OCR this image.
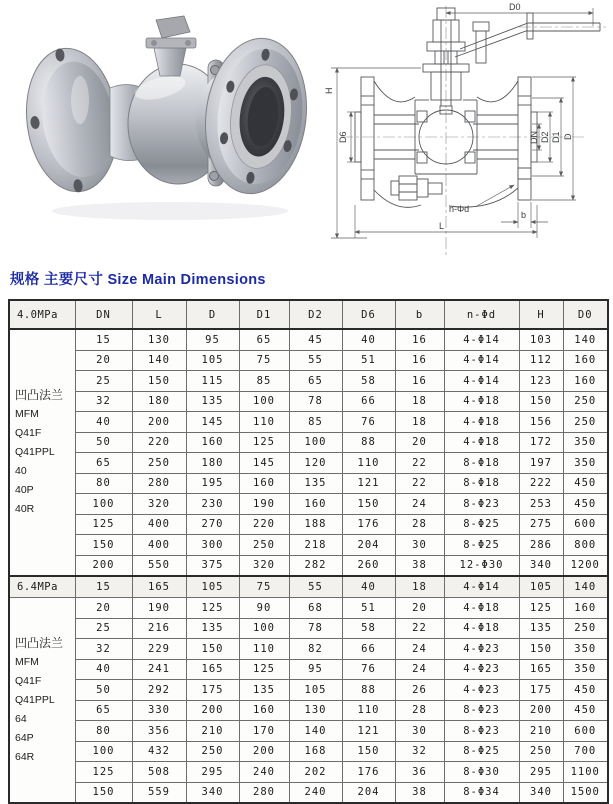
D0
H
D6	DN D2 D1 D
n-Φd
b
L
规格 主要尺寸 Size Main Dimensions
4.0MPa	DN	L	D	D1	D2	D6	b	n-Φd	H	D0

凹凸法兰
MFM
Q41F
Q41PPL
40
40P
40R
	15	130	95	65	45	40	16	4-Φ14	103	140
	20	140	105	75	55	51	16	4-Φ14	112	160
	25	150	115	85	65	58	16	4-Φ14	123	160
	32	180	135	100	78	66	18	4-Φ18	150	250
	40	200	145	110	85	76	18	4-Φ18	156	250
	50	220	160	125	100	88	20	4-Φ18	172	350
	65	250	180	145	120	110	22	8-Φ18	197	350
	80	280	195	160	135	121	22	8-Φ18	222	450
	100	320	230	190	160	150	24	8-Φ23	253	450
	125	400	270	220	188	176	28	8-Φ25	275	600
	150	400	300	250	218	204	30	8-Φ25	286	800
	200	550	375	320	282	260	38	12-Φ30	340	1200
6.4MPa	15	165	105	75	55	40	18	4-Φ14	105	140

凹凸法兰
MFM
Q41F
Q41PPL
64
64P
64R
	20	190	125	90	68	51	20	4-Φ18	125	160
	25	216	135	100	78	58	22	4-Φ18	135	250
	32	229	150	110	82	66	24	4-Φ23	150	350
	40	241	165	125	95	76	24	4-Φ23	165	350
	50	292	175	135	105	88	26	4-Φ23	175	450
	65	330	200	160	130	110	28	8-Φ23	200	450
	80	356	210	170	140	121	30	8-Φ23	210	600
	100	432	250	200	168	150	32	8-Φ25	250	700
	125	508	295	240	202	176	36	8-Φ30	295	1100
	150	559	340	280	240	204	38	8-Φ34	340	1500
